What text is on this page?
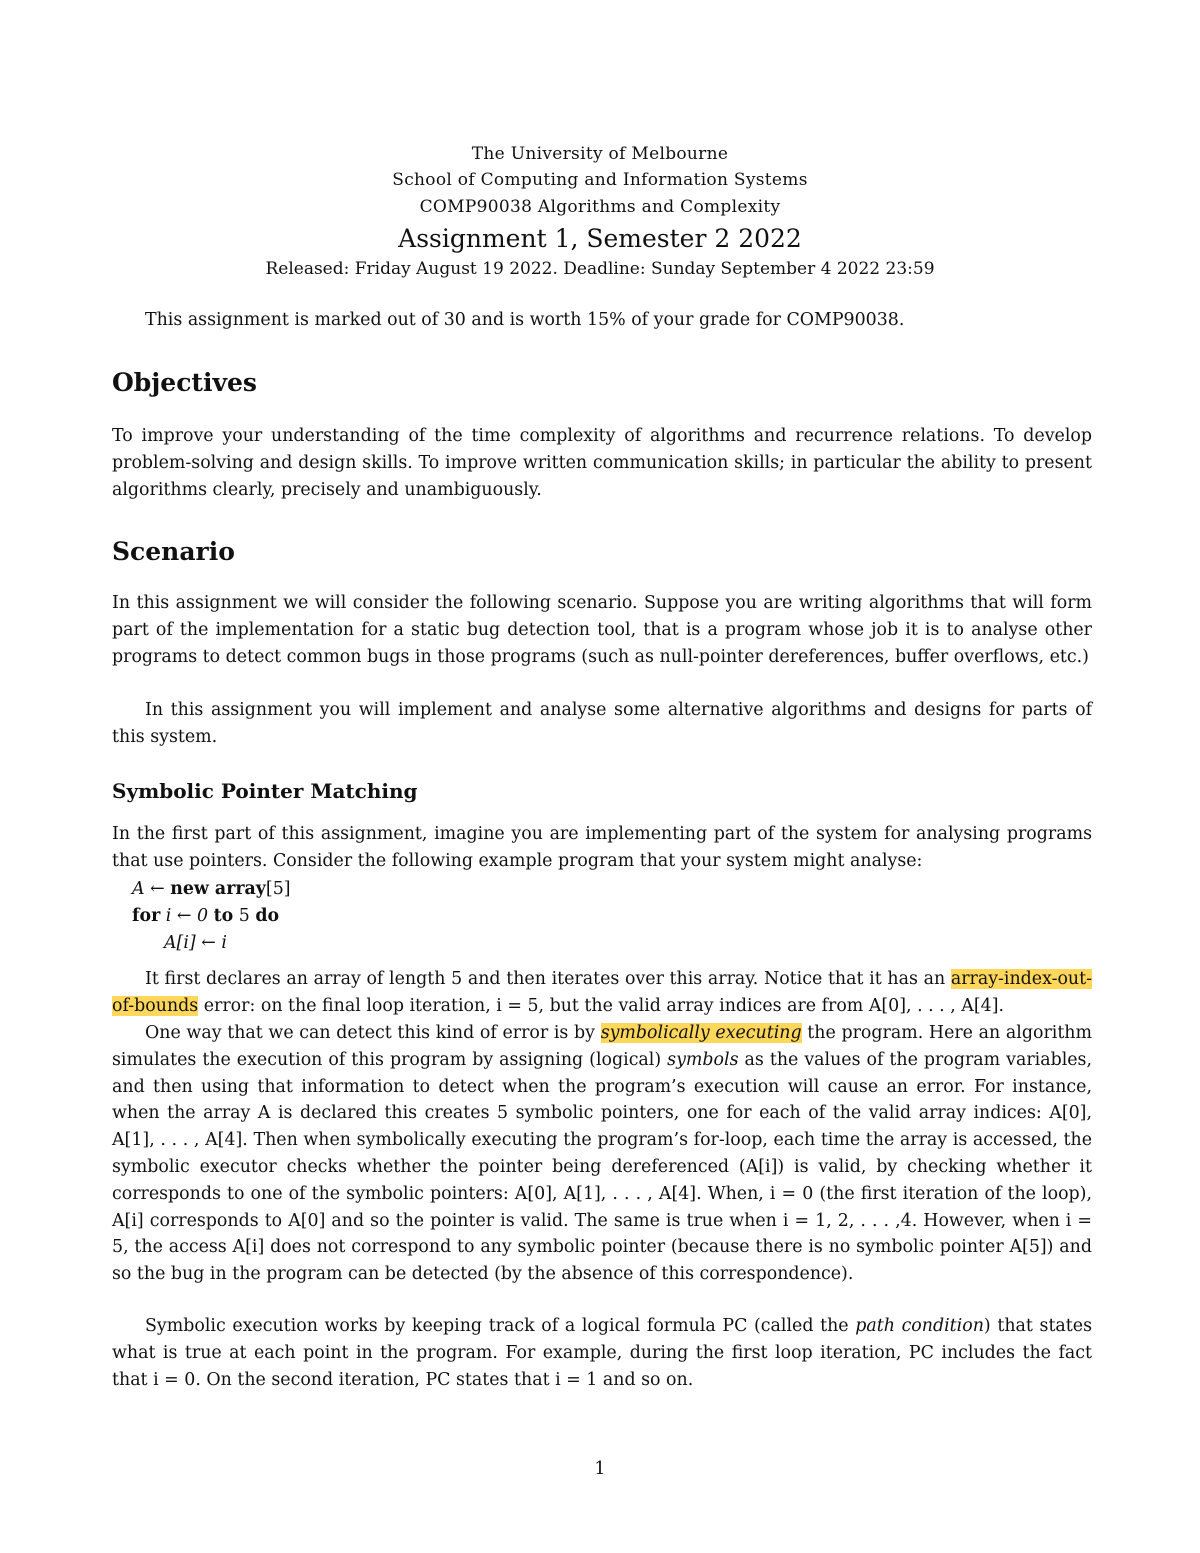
The University of Melbourne
School of Computing and Information Systems
COMP90038 Algorithms and Complexity
Assignment 1, Semester 2 2022
Released: Friday August 19 2022. Deadline: Sunday September 4 2022 23:59

This assignment is marked out of 30 and is worth 15% of your grade for COMP90038.

Objectives

To improve your understanding of the time complexity of algorithms and recurrence relations. To develop problem-solving and design skills. To improve written communication skills; in particular the ability to present algorithms clearly, precisely and unambiguously.

Scenario

In this assignment we will consider the following scenario. Suppose you are writing algorithms that will form part of the implementation for a static bug detection tool, that is a program whose job it is to analyse other programs to detect common bugs in those programs (such as null-pointer dereferences, buffer overflows, etc.)

In this assignment you will implement and analyse some alternative algorithms and designs for parts of this system.

Symbolic Pointer Matching

In the first part of this assignment, imagine you are implementing part of the system for analysing programs that use pointers. Consider the following example program that your system might analyse:

A ← new array[5]
for i ← 0 to 5 do
A[i] ← i

It first declares an array of length 5 and then iterates over this array. Notice that it has an array-index-out-of-bounds error: on the final loop iteration, i = 5, but the valid array indices are from A[0], . . . , A[4].

One way that we can detect this kind of error is by symbolically executing the program. Here an algorithm simulates the execution of this program by assigning (logical) symbols as the values of the program variables, and then using that information to detect when the program’s execution will cause an error. For instance, when the array A is declared this creates 5 symbolic pointers, one for each of the valid array indices: A[0], A[1], . . . , A[4]. Then when symbolically executing the program’s for-loop, each time the array is accessed, the symbolic executor checks whether the pointer being dereferenced (A[i]) is valid, by checking whether it corresponds to one of the symbolic pointers: A[0], A[1], . . . , A[4]. When, i = 0 (the first iteration of the loop), A[i] corresponds to A[0] and so the pointer is valid. The same is true when i = 1, 2, . . . ,4. However, when i = 5, the access A[i] does not correspond to any symbolic pointer (because there is no symbolic pointer A[5]) and so the bug in the program can be detected (by the absence of this correspondence).

Symbolic execution works by keeping track of a logical formula PC (called the path condition) that states what is true at each point in the program. For example, during the first loop iteration, PC includes the fact that i = 0. On the second iteration, PC states that i = 1 and so on.

1
